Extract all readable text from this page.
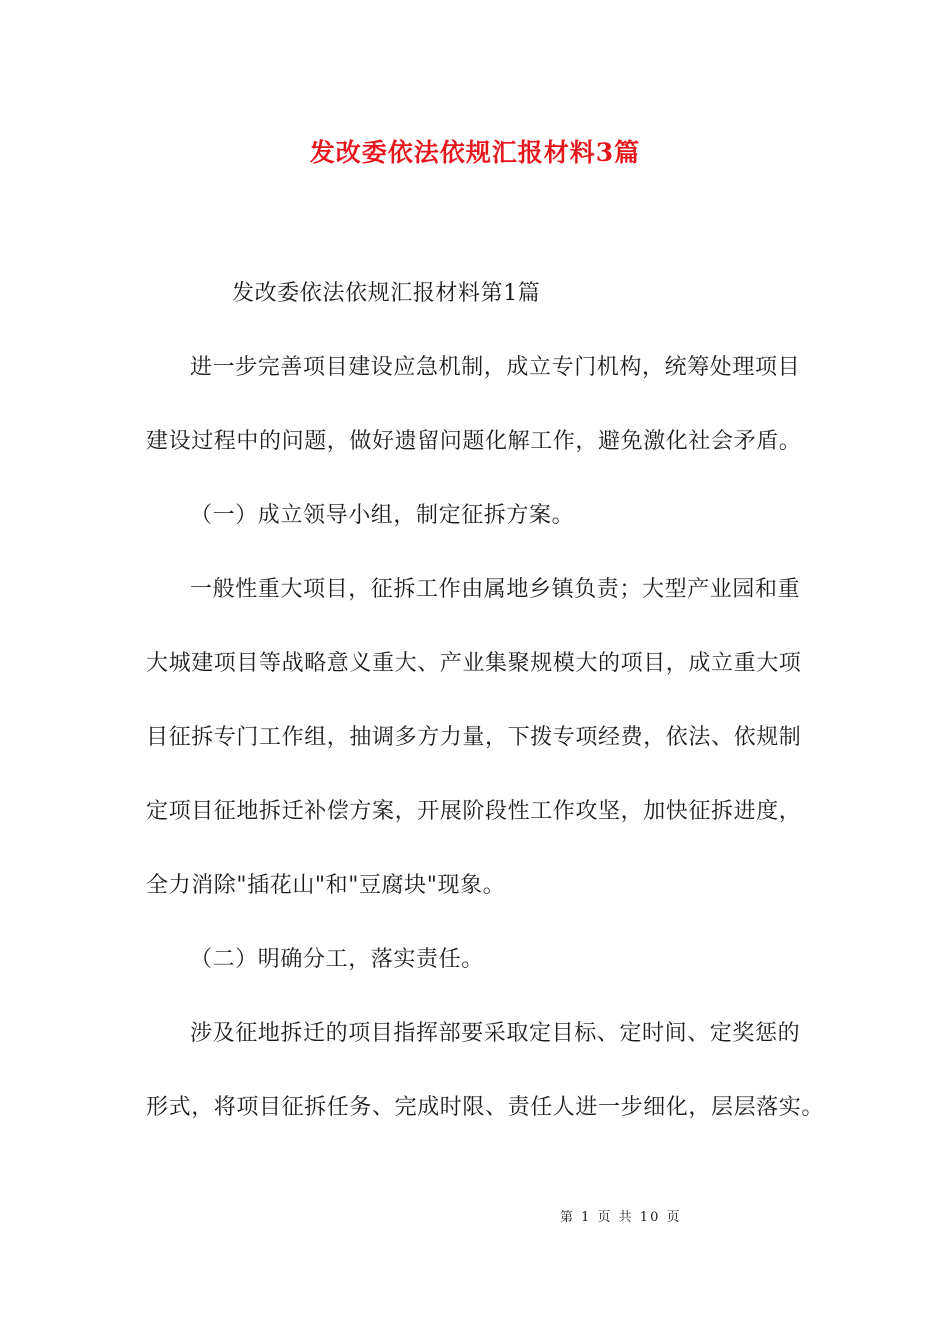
发改委依法依规汇报材料3篇
发改委依法依规汇报材料第1篇
进一步完善项目建设应急机制，成立专门机构，统筹处理项目
建设过程中的问题，做好遗留问题化解工作，避免激化社会矛盾。
（一）成立领导小组，制定征拆方案。
一般性重大项目，征拆工作由属地乡镇负责；大型产业园和重
大城建项目等战略意义重大、产业集聚规模大的项目，成立重大项
目征拆专门工作组，抽调多方力量，下拨专项经费，依法、依规制
定项目征地拆迁补偿方案，开展阶段性工作攻坚，加快征拆进度，
全力消除"插花山"和"豆腐块"现象。
（二）明确分工，落实责任。
涉及征地拆迁的项目指挥部要采取定目标、定时间、定奖惩的
形式，将项目征拆任务、完成时限、责任人进一步细化，层层落实。
第 1 页 共 10 页
